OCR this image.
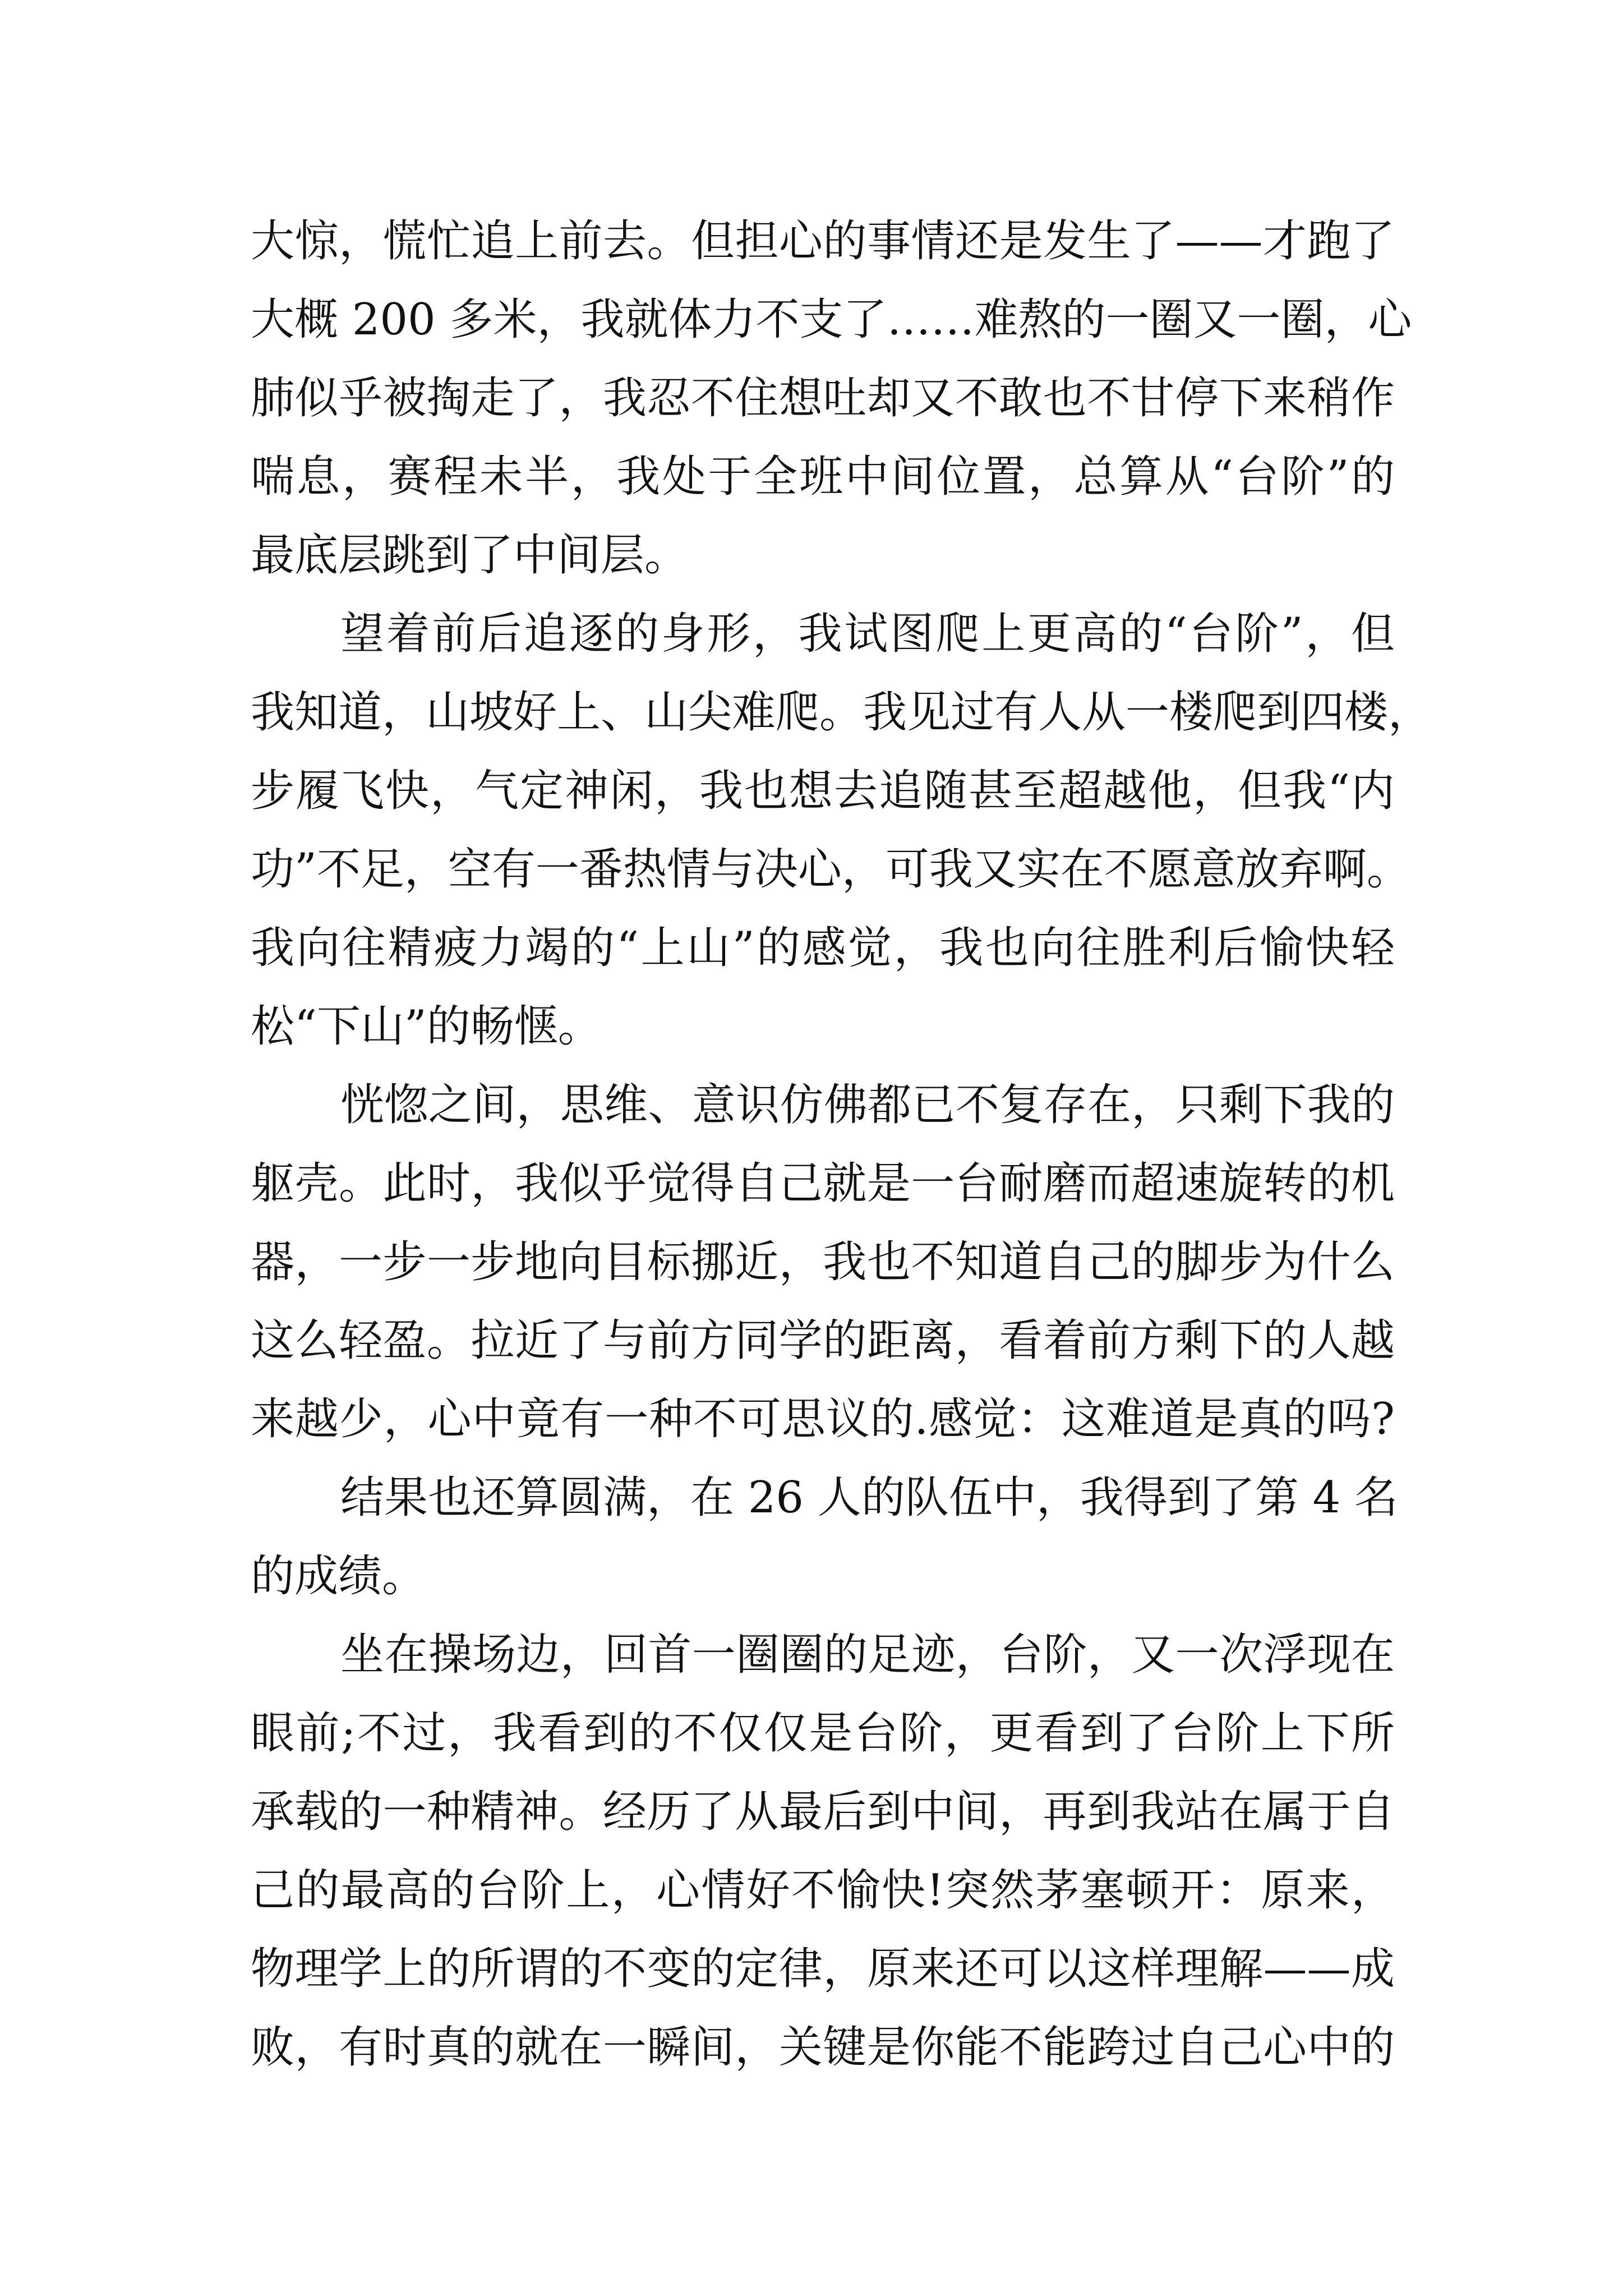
大惊，慌忙追上前去。但担心的事情还是发生了——才跑了
大概 200 多米，我就体力不支了……难熬的一圈又一圈，心
肺似乎被掏走了，我忍不住想吐却又不敢也不甘停下来稍作
喘息，赛程未半，我处于全班中间位置，总算从“台阶”的
最底层跳到了中间层。
望着前后追逐的身形，我试图爬上更高的“台阶”，但
我知道，山坡好上、山尖难爬。我见过有人从一楼爬到四楼，
步履飞快，气定神闲，我也想去追随甚至超越他，但我“内
功”不足，空有一番热情与决心，可我又实在不愿意放弃啊。
我向往精疲力竭的“上山”的感觉，我也向往胜利后愉快轻
松“下山”的畅惬。
恍惚之间，思维、意识仿佛都已不复存在，只剩下我的
躯壳。此时，我似乎觉得自己就是一台耐磨而超速旋转的机
器，一步一步地向目标挪近，我也不知道自己的脚步为什么
这么轻盈。拉近了与前方同学的距离，看着前方剩下的人越
来越少，心中竟有一种不可思议的.感觉：这难道是真的吗?
结果也还算圆满，在 26 人的队伍中，我得到了第 4 名
的成绩。
坐在操场边，回首一圈圈的足迹，台阶，又一次浮现在
眼前;不过，我看到的不仅仅是台阶，更看到了台阶上下所
承载的一种精神。经历了从最后到中间，再到我站在属于自
己的最高的台阶上，心情好不愉快!突然茅塞顿开：原来，
物理学上的所谓的不变的定律，原来还可以这样理解——成
败，有时真的就在一瞬间，关键是你能不能跨过自己心中的
